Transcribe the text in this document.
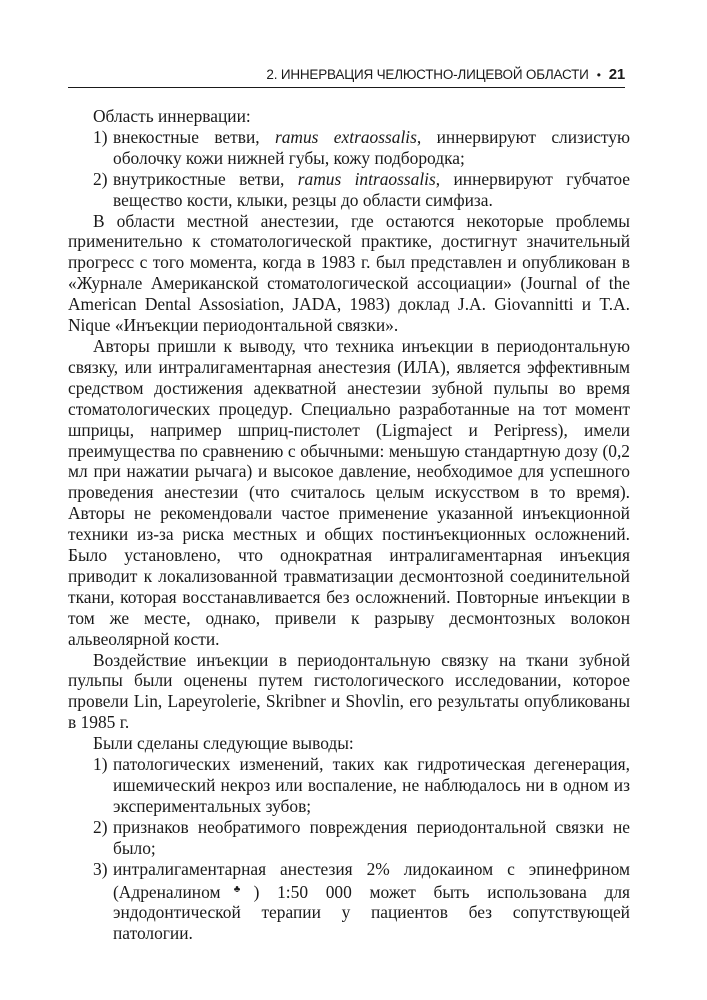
2. ИННЕРВАЦИЯ ЧЕЛЮСТНО-ЛИЦЕВОЙ ОБЛАСТИ • 21

Область иннервации:

1) внекостные ветви, ramus extraossalis, иннервируют слизистую оболочку кожи нижней губы, кожу подбородка;
2) внутрикостные ветви, ramus intraossalis, иннервируют губчатое вещество кости, клыки, резцы до области симфиза.

В области местной анестезии, где остаются некоторые проблемы применительно к стоматологической практике, достигнут значительный прогресс с того момента, когда в 1983 г. был представлен и опубликован в «Журнале Американской стоматологической ассоциации» (Journal of the American Dental Assosiation, JADA, 1983) доклад J.A. Giovannitti и T.A. Nique «Инъекции периодонтальной связки».

Авторы пришли к выводу, что техника инъекции в периодонтальную связку, или интралигаментарная анестезия (ИЛА), является эффективным средством достижения адекватной анестезии зубной пульпы во время стоматологических процедур. Специально разработанные на тот момент шприцы, например шприц-пистолет (Ligmaject и Peripress), имели преимущества по сравнению с обычными: меньшую стандартную дозу (0,2 мл при нажатии рычага) и высокое давление, необходимое для успешного проведения анестезии (что считалось целым искусством в то время). Авторы не рекомендовали частое применение указанной инъекционной техники из-за риска местных и общих постинъекционных осложнений. Было установлено, что однократная интралигаментарная инъекция приводит к локализованной травматизации десмонтозной соединительной ткани, которая восстанавливается без осложнений. Повторные инъекции в том же месте, однако, привели к разрыву десмонтозных волокон альвеолярной кости.

Воздействие инъекции в периодонтальную связку на ткани зубной пульпы были оценены путем гистологического исследовании, которое провели Lin, Lapeyrolerie, Skribner и Shovlin, его результаты опубликованы в 1985 г.

Были сделаны следующие выводы:

1) патологических изменений, таких как гидротическая дегенерация, ишемический некроз или воспаление, не наблюдалось ни в одном из экспериментальных зубов;
2) признаков необратимого повреждения периодонтальной связки не было;
3) интралигаментарная анестезия 2% лидокаином с эпинефрином (Адреналином♣) 1:50 000 может быть использована для эндодонтической терапии у пациентов без сопутствующей патологии.
